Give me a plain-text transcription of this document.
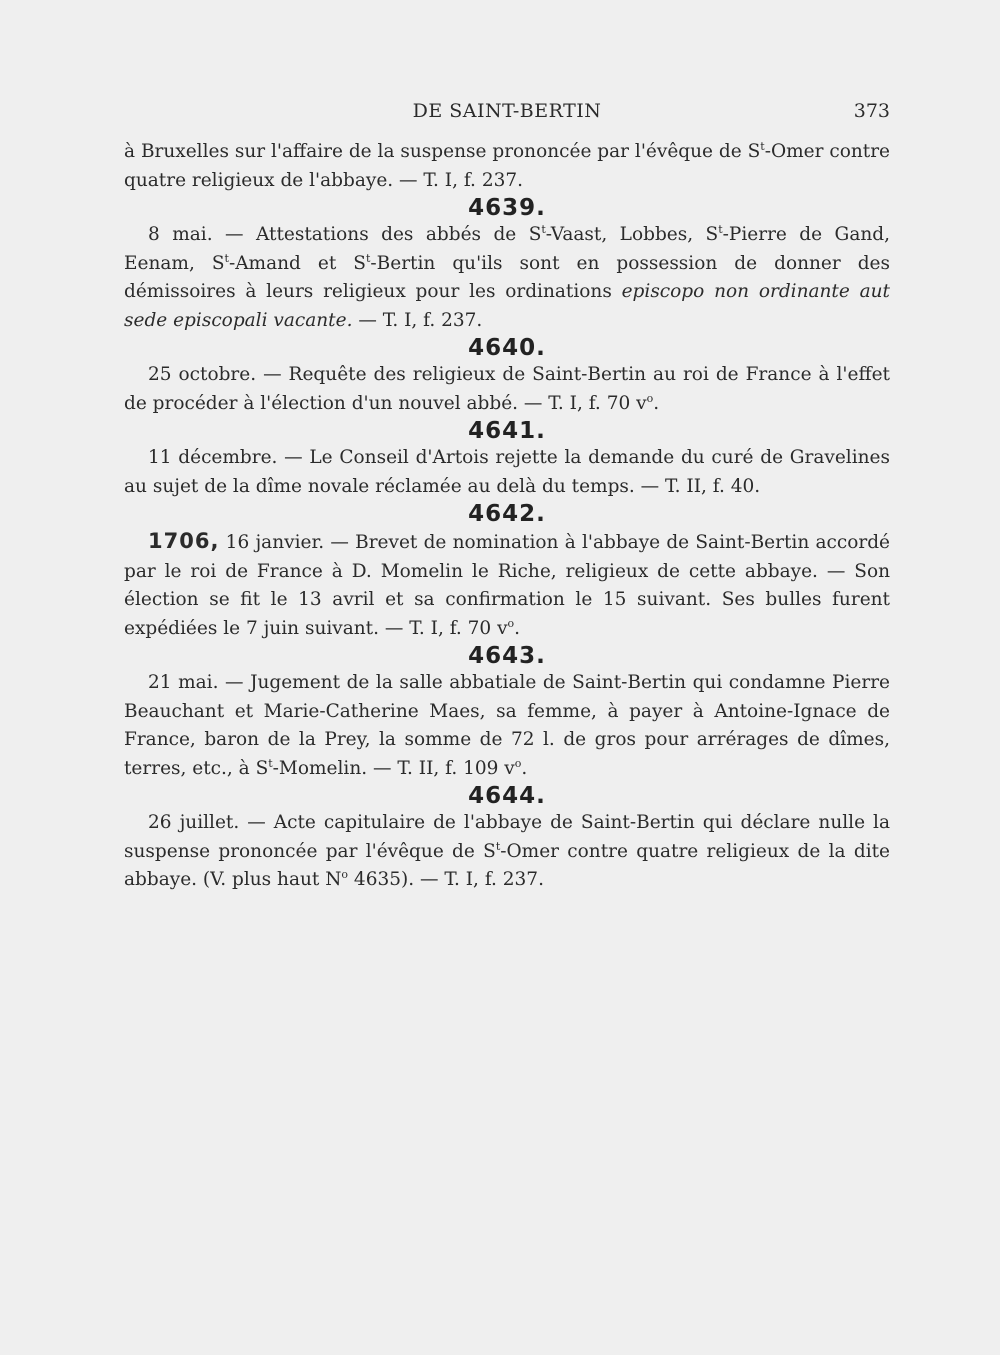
DE SAINT-BERTIN	373

à Bruxelles sur l'affaire de la suspense prononcée par l'évêque de $S^t$-Omer contre quatre religieux de l'abbaye. — T. I, f. 237.

4639.

8 mai. — Attestations des abbés de $S^t$-Vaast, Lobbes, $S^t$-Pierre de Gand, Eenam, $S^t$-Amand et $S^t$-Bertin qu'ils sont en possession de donner des démissoires à leurs religieux pour les ordinations episcopo non ordinante aut sede episcopali vacante. — T. I, f. 237.

4640.

25 octobre. — Requête des religieux de Saint-Bertin au roi de France à l'effet de procéder à l'élection d'un nouvel abbé. — T. I, f. 70 $v^o$.

4641.

11 décembre. — Le Conseil d'Artois rejette la demande du curé de Gravelines au sujet de la dîme novale réclamée au delà du temps. — T. II, f. 40.

4642.

1706, 16 janvier. — Brevet de nomination à l'abbaye de Saint-Bertin accordé par le roi de France à D. Momelin le Riche, religieux de cette abbaye. — Son élection se fit le 13 avril et sa confirmation le 15 suivant. Ses bulles furent expédiées le 7 juin suivant. — T. I, f. 70 $v^o$.

4643.

21 mai. — Jugement de la salle abbatiale de Saint-Bertin qui condamne Pierre Beauchant et Marie-Catherine Maes, sa femme, à payer à Antoine-Ignace de France, baron de la Prey, la somme de 72 l. de gros pour arrérages de dîmes, terres, etc., à $S^t$-Momelin. — T. II, f. 109 $v^o$.

4644.

26 juillet. — Acte capitulaire de l'abbaye de Saint-Bertin qui déclare nulle la suspense prononcée par l'évêque de $S^t$-Omer contre quatre religieux de la dite abbaye. (V. plus haut $N^o$ 4635). — T. I, f. 237.
